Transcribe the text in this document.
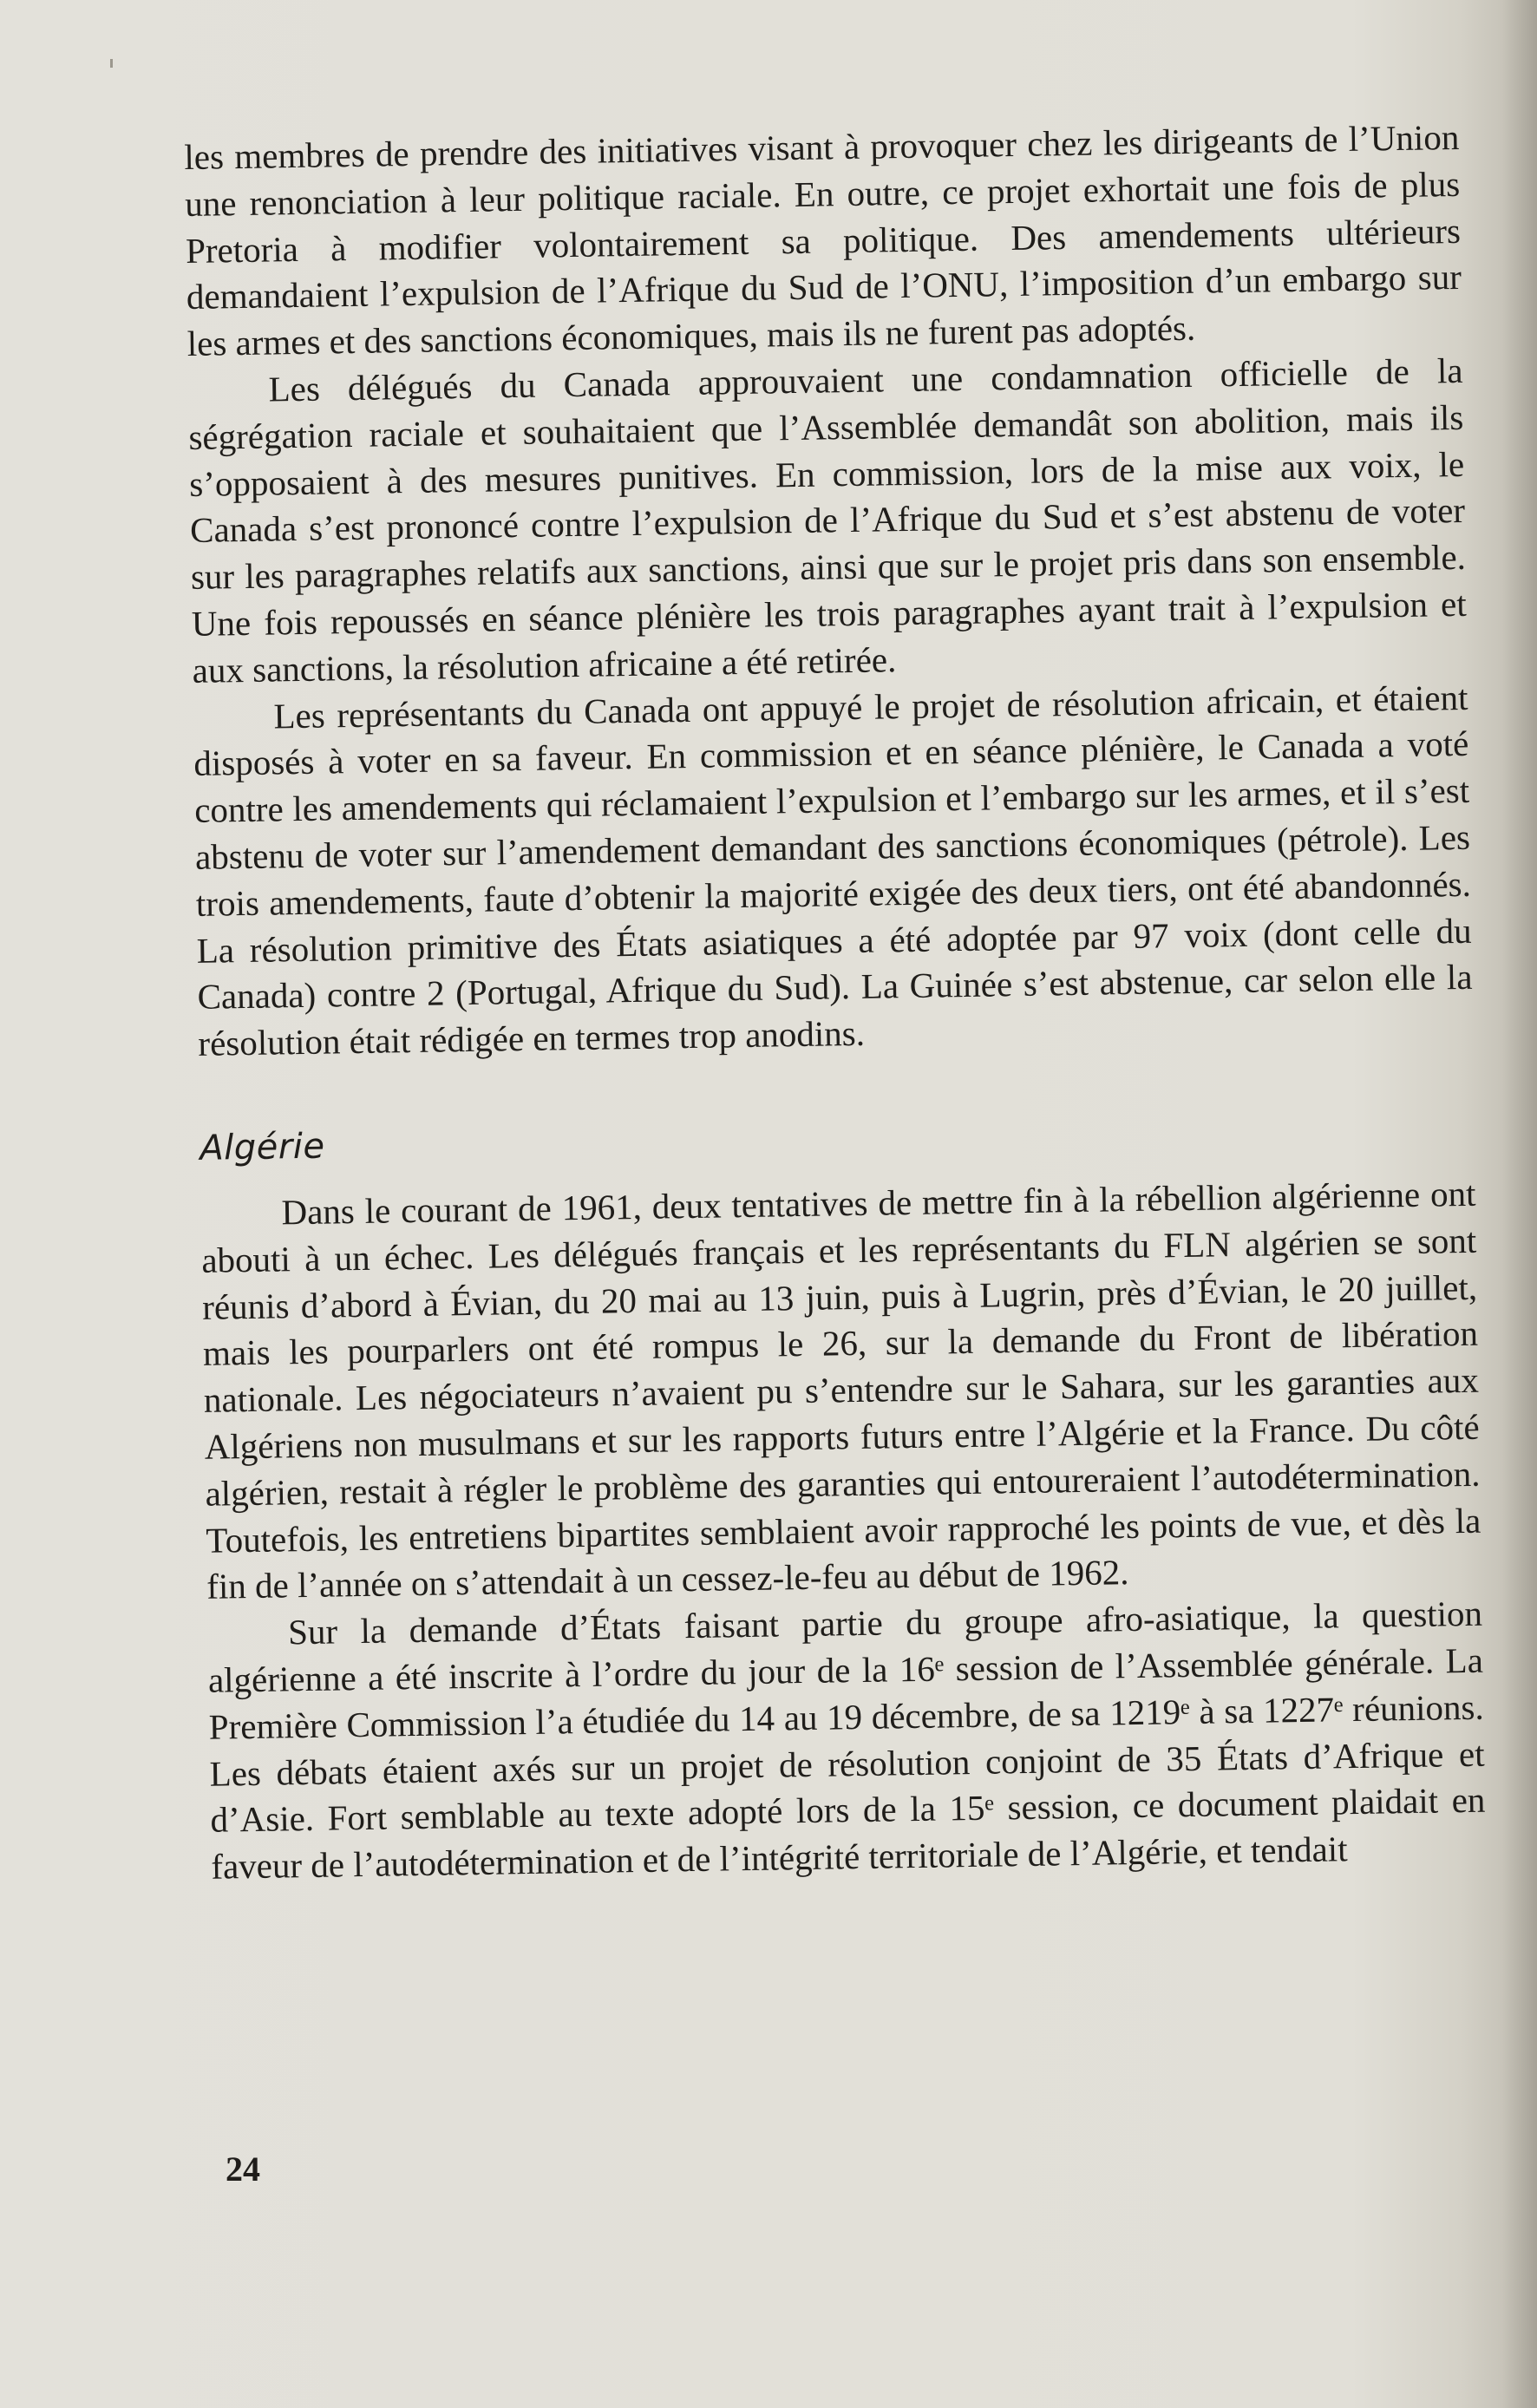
les membres de prendre des initiatives visant à provoquer chez les dirigeants de l’Union une renonciation à leur politique raciale. En outre, ce projet exhortait une fois de plus Pretoria à modifier volontairement sa politique. Des amendements ultérieurs demandaient l’expulsion de l’Afrique du Sud de l’ONU, l’imposition d’un embargo sur les armes et des sanctions économiques, mais ils ne furent pas adoptés.

Les délégués du Canada approuvaient une condamnation officielle de la ségrégation raciale et souhaitaient que l’Assemblée demandât son abolition, mais ils s’opposaient à des mesures punitives. En commission, lors de la mise aux voix, le Canada s’est prononcé contre l’expulsion de l’Afrique du Sud et s’est abstenu de voter sur les paragraphes relatifs aux sanctions, ainsi que sur le projet pris dans son ensemble. Une fois repoussés en séance plénière les trois paragraphes ayant trait à l’expulsion et aux sanctions, la résolution africaine a été retirée.

Les représentants du Canada ont appuyé le projet de résolution africain, et étaient disposés à voter en sa faveur. En commission et en séance plénière, le Canada a voté contre les amendements qui réclamaient l’expulsion et l’embargo sur les armes, et il s’est abstenu de voter sur l’amendement demandant des sanctions économiques (pétrole). Les trois amendements, faute d’obtenir la majorité exigée des deux tiers, ont été abandonnés. La résolution primitive des États asiatiques a été adoptée par 97 voix (dont celle du Canada) contre 2 (Portugal, Afrique du Sud). La Guinée s’est abstenue, car selon elle la résolution était rédigée en termes trop anodins.

Algérie

Dans le courant de 1961, deux tentatives de mettre fin à la rébellion algérienne ont abouti à un échec. Les délégués français et les représentants du FLN algérien se sont réunis d’abord à Évian, du 20 mai au 13 juin, puis à Lugrin, près d’Évian, le 20 juillet, mais les pourparlers ont été rompus le 26, sur la demande du Front de libération nationale. Les négociateurs n’avaient pu s’entendre sur le Sahara, sur les garanties aux Algériens non musulmans et sur les rapports futurs entre l’Algérie et la France. Du côté algérien, restait à régler le problème des garanties qui entoureraient l’autodétermination. Toutefois, les entretiens bipartites semblaient avoir rapproché les points de vue, et dès la fin de l’année on s’attendait à un cessez-le-feu au début de 1962.

Sur la demande d’États faisant partie du groupe afro-asiatique, la question algérienne a été inscrite à l’ordre du jour de la 16ᵉ session de l’Assemblée générale. La Première Commission l’a étudiée du 14 au 19 décembre, de sa 1219ᵉ à sa 1227ᵉ réunions. Les débats étaient axés sur un projet de résolution conjoint de 35 États d’Afrique et d’Asie. Fort semblable au texte adopté lors de la 15ᵉ session, ce document plaidait en faveur de l’autodétermination et de l’intégrité territoriale de l’Algérie, et tendait

24
